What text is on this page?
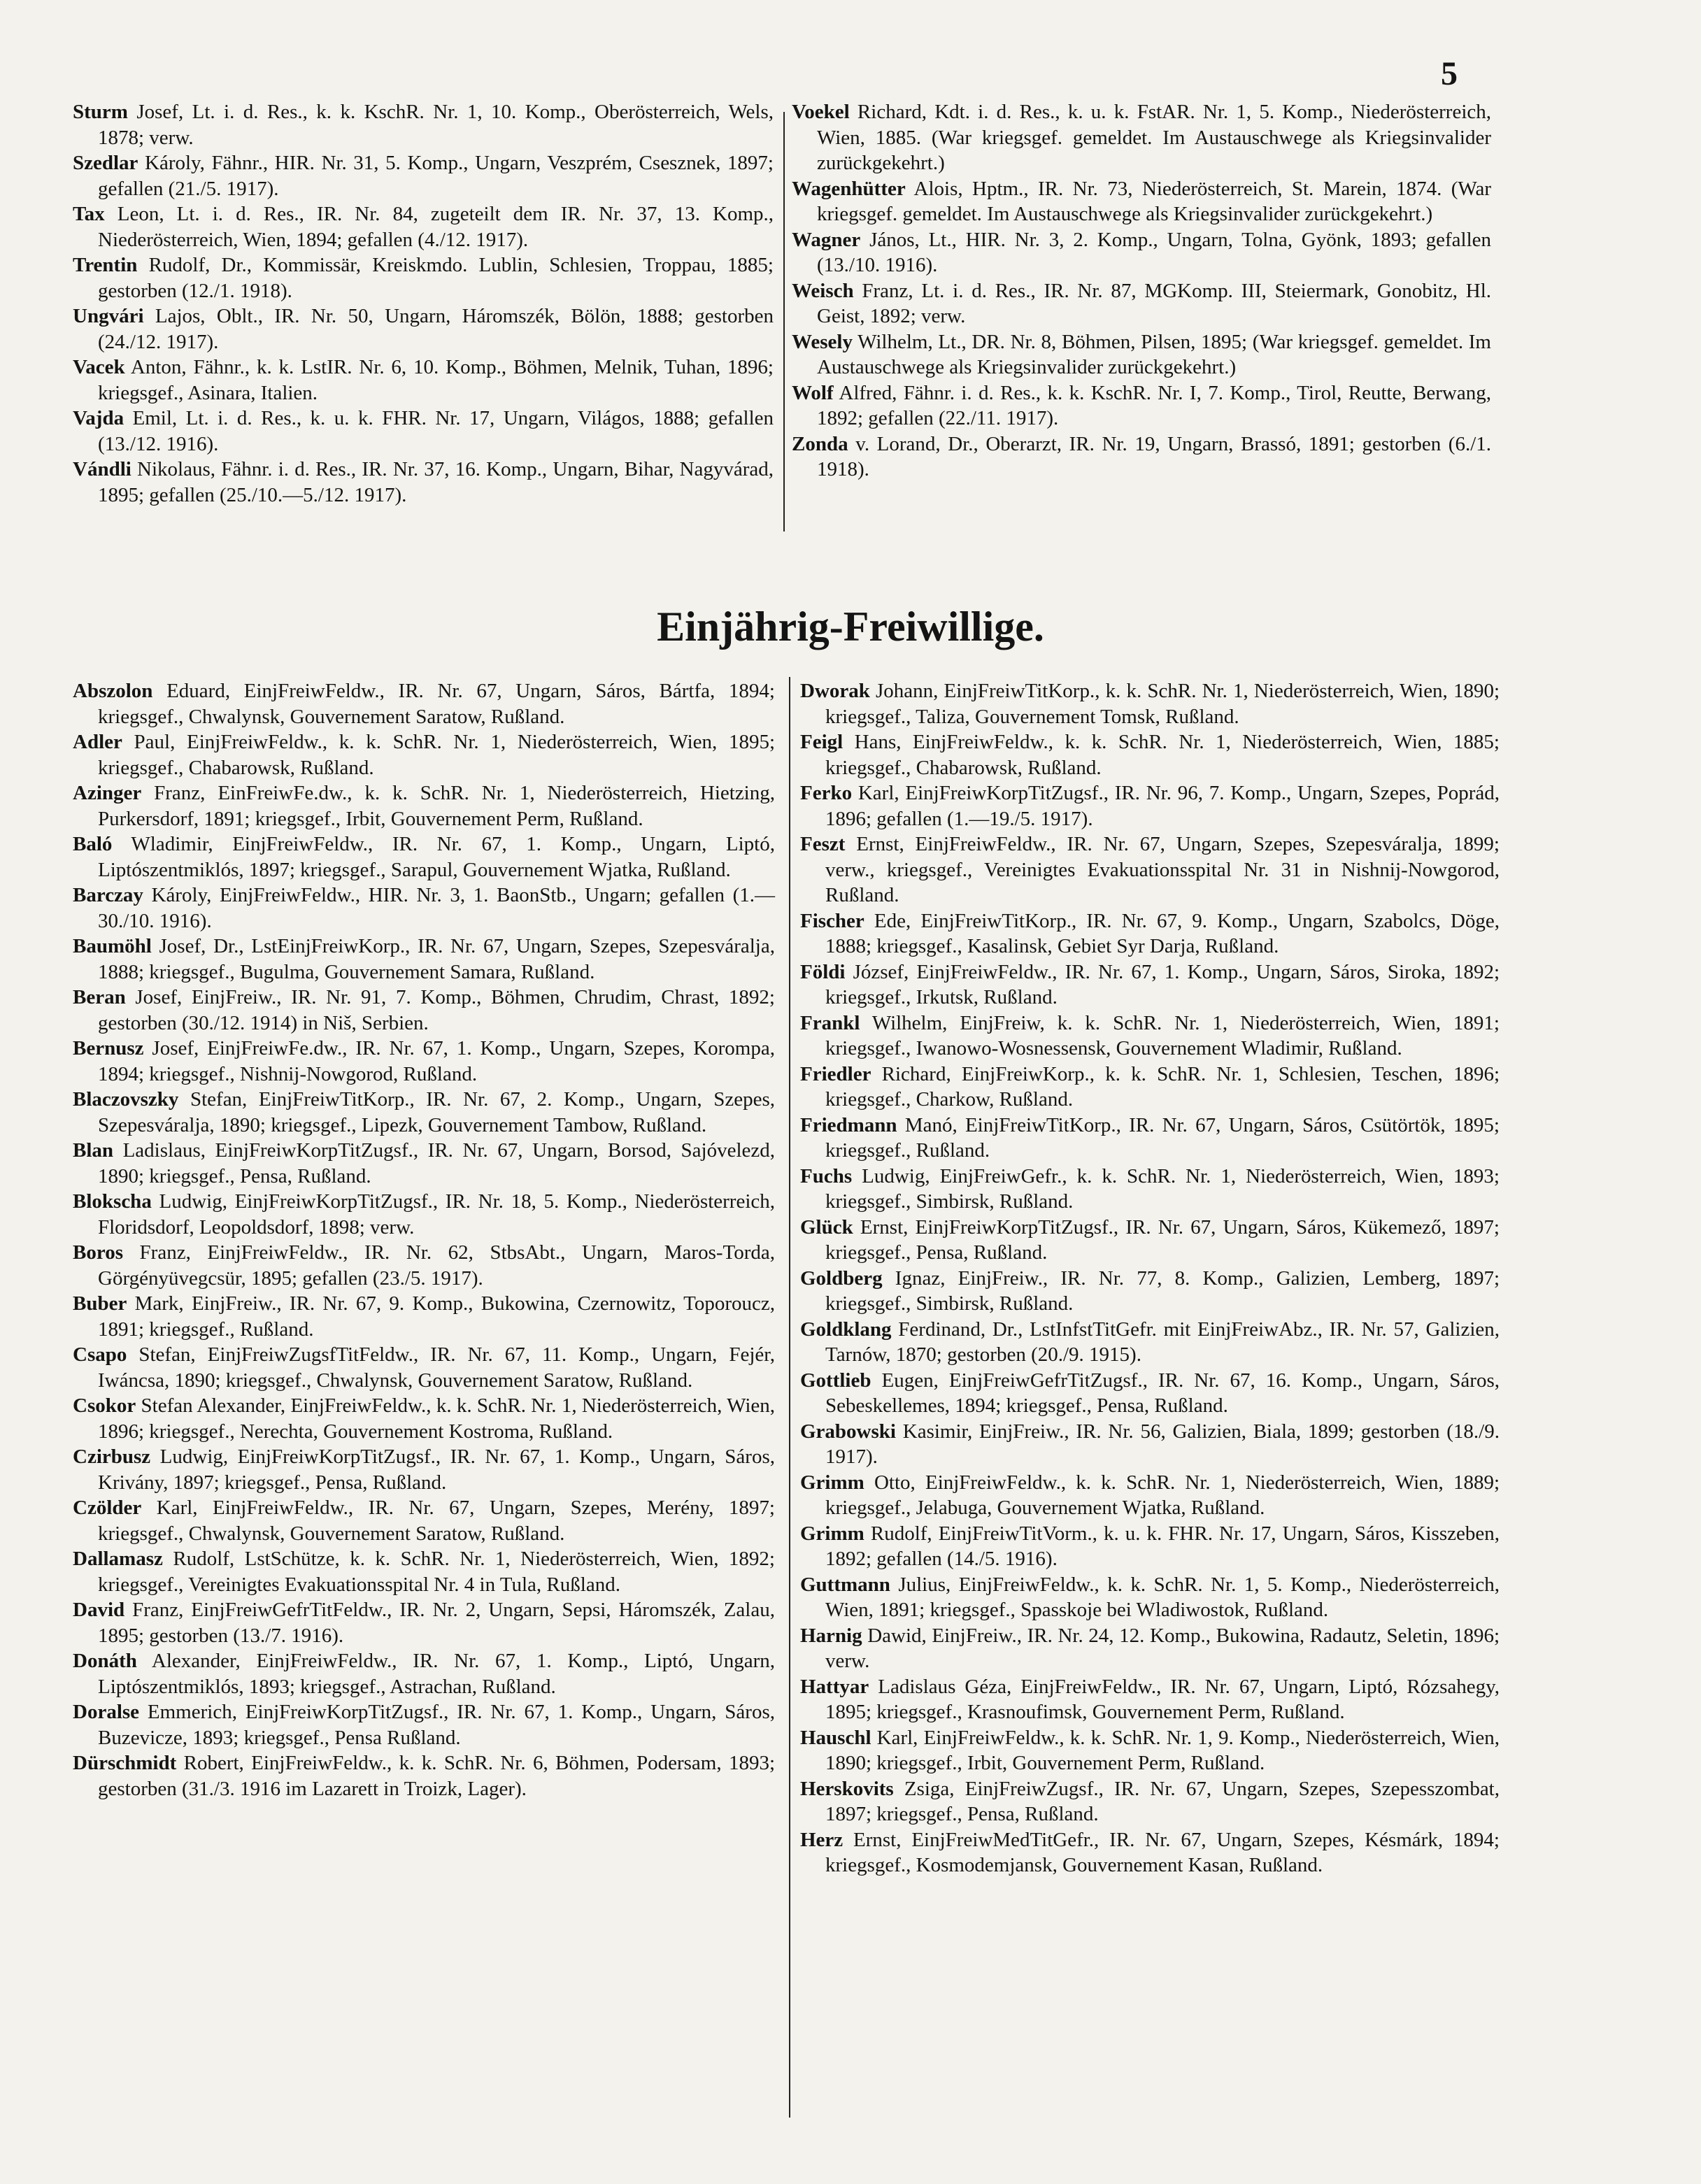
5

Sturm Josef, Lt. i. d. Res., k. k. KschR. Nr. 1, 10. Komp., Oberösterreich, Wels, 1878; verw.

Szedlar Károly, Fähnr., HIR. Nr. 31, 5. Komp., Ungarn, Veszprém, Csesznek, 1897; gefallen (21./5. 1917).

Tax Leon, Lt. i. d. Res., IR. Nr. 84, zugeteilt dem IR. Nr. 37, 13. Komp., Niederösterreich, Wien, 1894; gefallen (4./12. 1917).

Trentin Rudolf, Dr., Kommissär, Kreiskmdo. Lublin, Schlesien, Troppau, 1885; gestorben (12./1. 1918).

Ungvári Lajos, Oblt., IR. Nr. 50, Ungarn, Háromszék, Bölön, 1888; gestorben (24./12. 1917).

Vacek Anton, Fähnr., k. k. LstIR. Nr. 6, 10. Komp., Böhmen, Melnik, Tuhan, 1896; kriegsgef., Asinara, Italien.

Vajda Emil, Lt. i. d. Res., k. u. k. FHR. Nr. 17, Ungarn, Világos, 1888; gefallen (13./12. 1916).

Vándli Nikolaus, Fähnr. i. d. Res., IR. Nr. 37, 16. Komp., Ungarn, Bihar, Nagyvárad, 1895; gefallen (25./10.—5./12. 1917).

Voekel Richard, Kdt. i. d. Res., k. u. k. FstAR. Nr. 1, 5. Komp., Niederösterreich, Wien, 1885. (War kriegsgef. gemeldet. Im Austauschwege als Kriegsinvalider zurückgekehrt.)

Wagenhütter Alois, Hptm., IR. Nr. 73, Niederösterreich, St. Marein, 1874. (War kriegsgef. gemeldet. Im Austauschwege als Kriegsinvalider zurückgekehrt.)

Wagner János, Lt., HIR. Nr. 3, 2. Komp., Ungarn, Tolna, Gyönk, 1893; gefallen (13./10. 1916).

Weisch Franz, Lt. i. d. Res., IR. Nr. 87, MGKomp. III, Steiermark, Gonobitz, Hl. Geist, 1892; verw.

Wesely Wilhelm, Lt., DR. Nr. 8, Böhmen, Pilsen, 1895; (War kriegsgef. gemeldet. Im Austauschwege als Kriegsinvalider zurückgekehrt.)

Wolf Alfred, Fähnr. i. d. Res., k. k. KschR. Nr. I, 7. Komp., Tirol, Reutte, Berwang, 1892; gefallen (22./11. 1917).

Zonda v. Lorand, Dr., Oberarzt, IR. Nr. 19, Ungarn, Brassó, 1891; gestorben (6./1. 1918).

Einjährig-Freiwillige.

Abszolon Eduard, EinjFreiwFeldw., IR. Nr. 67, Ungarn, Sáros, Bártfa, 1894; kriegsgef., Chwalynsk, Gouvernement Saratow, Rußland.

Adler Paul, EinjFreiwFeldw., k. k. SchR. Nr. 1, Niederösterreich, Wien, 1895; kriegsgef., Chabarowsk, Rußland.

Azinger Franz, EinFreiwFe.dw., k. k. SchR. Nr. 1, Niederösterreich, Hietzing, Purkersdorf, 1891; kriegsgef., Irbit, Gouvernement Perm, Rußland.

Baló Wladimir, EinjFreiwFeldw., IR. Nr. 67, 1. Komp., Ungarn, Liptó, Liptószentmiklós, 1897; kriegsgef., Sarapul, Gouvernement Wjatka, Rußland.

Barczay Károly, EinjFreiwFeldw., HIR. Nr. 3, 1. BaonStb., Ungarn; gefallen (1.—30./10. 1916).

Baumöhl Josef, Dr., LstEinjFreiwKorp., IR. Nr. 67, Ungarn, Szepes, Szepesváralja, 1888; kriegsgef., Bugulma, Gouvernement Samara, Rußland.

Beran Josef, EinjFreiw., IR. Nr. 91, 7. Komp., Böhmen, Chrudim, Chrast, 1892; gestorben (30./12. 1914) in Niš, Serbien.

Bernusz Josef, EinjFreiwFe.dw., IR. Nr. 67, 1. Komp., Ungarn, Szepes, Korompa, 1894; kriegsgef., Nishnij-Nowgorod, Rußland.

Blaczovszky Stefan, EinjFreiwTitKorp., IR. Nr. 67, 2. Komp., Ungarn, Szepes, Szepesváralja, 1890; kriegsgef., Lipezk, Gouvernement Tambow, Rußland.

Blan Ladislaus, EinjFreiwKorpTitZugsf., IR. Nr. 67, Ungarn, Borsod, Sajóvelezd, 1890; kriegsgef., Pensa, Rußland.

Blokscha Ludwig, EinjFreiwKorpTitZugsf., IR. Nr. 18, 5. Komp., Niederösterreich, Floridsdorf, Leopoldsdorf, 1898; verw.

Boros Franz, EinjFreiwFeldw., IR. Nr. 62, StbsAbt., Ungarn, Maros-Torda, Görgényüvegcsür, 1895; gefallen (23./5. 1917).

Buber Mark, EinjFreiw., IR. Nr. 67, 9. Komp., Bukowina, Czernowitz, Toporoucz, 1891; kriegsgef., Rußland.

Csapo Stefan, EinjFreiwZugsfTitFeldw., IR. Nr. 67, 11. Komp., Ungarn, Fejér, Iwáncsa, 1890; kriegsgef., Chwalynsk, Gouvernement Saratow, Rußland.

Csokor Stefan Alexander, EinjFreiwFeldw., k. k. SchR. Nr. 1, Niederösterreich, Wien, 1896; kriegsgef., Nerechta, Gouvernement Kostroma, Rußland.

Czirbusz Ludwig, EinjFreiwKorpTitZugsf., IR. Nr. 67, 1. Komp., Ungarn, Sáros, Krivány, 1897; kriegsgef., Pensa, Rußland.

Czölder Karl, EinjFreiwFeldw., IR. Nr. 67, Ungarn, Szepes, Merény, 1897; kriegsgef., Chwalynsk, Gouvernement Saratow, Rußland.

Dallamasz Rudolf, LstSchütze, k. k. SchR. Nr. 1, Niederösterreich, Wien, 1892; kriegsgef., Vereinigtes Evakuationsspital Nr. 4 in Tula, Rußland.

David Franz, EinjFreiwGefrTitFeldw., IR. Nr. 2, Ungarn, Sepsi, Háromszék, Zalau, 1895; gestorben (13./7. 1916).

Donáth Alexander, EinjFreiwFeldw., IR. Nr. 67, 1. Komp., Liptó, Ungarn, Liptószentmiklós, 1893; kriegsgef., Astrachan, Rußland.

Doralse Emmerich, EinjFreiwKorpTitZugsf., IR. Nr. 67, 1. Komp., Ungarn, Sáros, Buzevicze, 1893; kriegsgef., Pensa Rußland.

Dürschmidt Robert, EinjFreiwFeldw., k. k. SchR. Nr. 6, Böhmen, Podersam, 1893; gestorben (31./3. 1916 im Lazarett in Troizk, Lager).

Dworak Johann, EinjFreiwTitKorp., k. k. SchR. Nr. 1, Niederösterreich, Wien, 1890; kriegsgef., Taliza, Gouvernement Tomsk, Rußland.

Feigl Hans, EinjFreiwFeldw., k. k. SchR. Nr. 1, Niederösterreich, Wien, 1885; kriegsgef., Chabarowsk, Rußland.

Ferko Karl, EinjFreiwKorpTitZugsf., IR. Nr. 96, 7. Komp., Ungarn, Szepes, Poprád, 1896; gefallen (1.—19./5. 1917).

Feszt Ernst, EinjFreiwFeldw., IR. Nr. 67, Ungarn, Szepes, Szepesváralja, 1899; verw., kriegsgef., Vereinigtes Evakuationsspital Nr. 31 in Nishnij-Nowgorod, Rußland.

Fischer Ede, EinjFreiwTitKorp., IR. Nr. 67, 9. Komp., Ungarn, Szabolcs, Döge, 1888; kriegsgef., Kasalinsk, Gebiet Syr Darja, Rußland.

Földi József, EinjFreiwFeldw., IR. Nr. 67, 1. Komp., Ungarn, Sáros, Siroka, 1892; kriegsgef., Irkutsk, Rußland.

Frankl Wilhelm, EinjFreiw, k. k. SchR. Nr. 1, Niederösterreich, Wien, 1891; kriegsgef., Iwanowo-Wosnessensk, Gouvernement Wladimir, Rußland.

Friedler Richard, EinjFreiwKorp., k. k. SchR. Nr. 1, Schlesien, Teschen, 1896; kriegsgef., Charkow, Rußland.

Friedmann Manó, EinjFreiwTitKorp., IR. Nr. 67, Ungarn, Sáros, Csütörtök, 1895; kriegsgef., Rußland.

Fuchs Ludwig, EinjFreiwGefr., k. k. SchR. Nr. 1, Niederösterreich, Wien, 1893; kriegsgef., Simbirsk, Rußland.

Glück Ernst, EinjFreiwKorpTitZugsf., IR. Nr. 67, Ungarn, Sáros, Kükemező, 1897; kriegsgef., Pensa, Rußland.

Goldberg Ignaz, EinjFreiw., IR. Nr. 77, 8. Komp., Galizien, Lemberg, 1897; kriegsgef., Simbirsk, Rußland.

Goldklang Ferdinand, Dr., LstInfstTitGefr. mit EinjFreiwAbz., IR. Nr. 57, Galizien, Tarnów, 1870; gestorben (20./9. 1915).

Gottlieb Eugen, EinjFreiwGefrTitZugsf., IR. Nr. 67, 16. Komp., Ungarn, Sáros, Sebeskellemes, 1894; kriegsgef., Pensa, Rußland.

Grabowski Kasimir, EinjFreiw., IR. Nr. 56, Galizien, Biala, 1899; gestorben (18./9. 1917).

Grimm Otto, EinjFreiwFeldw., k. k. SchR. Nr. 1, Niederösterreich, Wien, 1889; kriegsgef., Jelabuga, Gouvernement Wjatka, Rußland.

Grimm Rudolf, EinjFreiwTitVorm., k. u. k. FHR. Nr. 17, Ungarn, Sáros, Kisszeben, 1892; gefallen (14./5. 1916).

Guttmann Julius, EinjFreiwFeldw., k. k. SchR. Nr. 1, 5. Komp., Niederösterreich, Wien, 1891; kriegsgef., Spasskoje bei Wladiwostok, Rußland.

Harnig Dawid, EinjFreiw., IR. Nr. 24, 12. Komp., Bukowina, Radautz, Seletin, 1896; verw.

Hattyar Ladislaus Géza, EinjFreiwFeldw., IR. Nr. 67, Ungarn, Liptó, Rózsahegy, 1895; kriegsgef., Krasnoufimsk, Gouvernement Perm, Rußland.

Hauschl Karl, EinjFreiwFeldw., k. k. SchR. Nr. 1, 9. Komp., Niederösterreich, Wien, 1890; kriegsgef., Irbit, Gouvernement Perm, Rußland.

Herskovits Zsiga, EinjFreiwZugsf., IR. Nr. 67, Ungarn, Szepes, Szepesszombat, 1897; kriegsgef., Pensa, Rußland.

Herz Ernst, EinjFreiwMedTitGefr., IR. Nr. 67, Ungarn, Szepes, Késmárk, 1894; kriegsgef., Kosmodemjansk, Gouvernement Kasan, Rußland.
